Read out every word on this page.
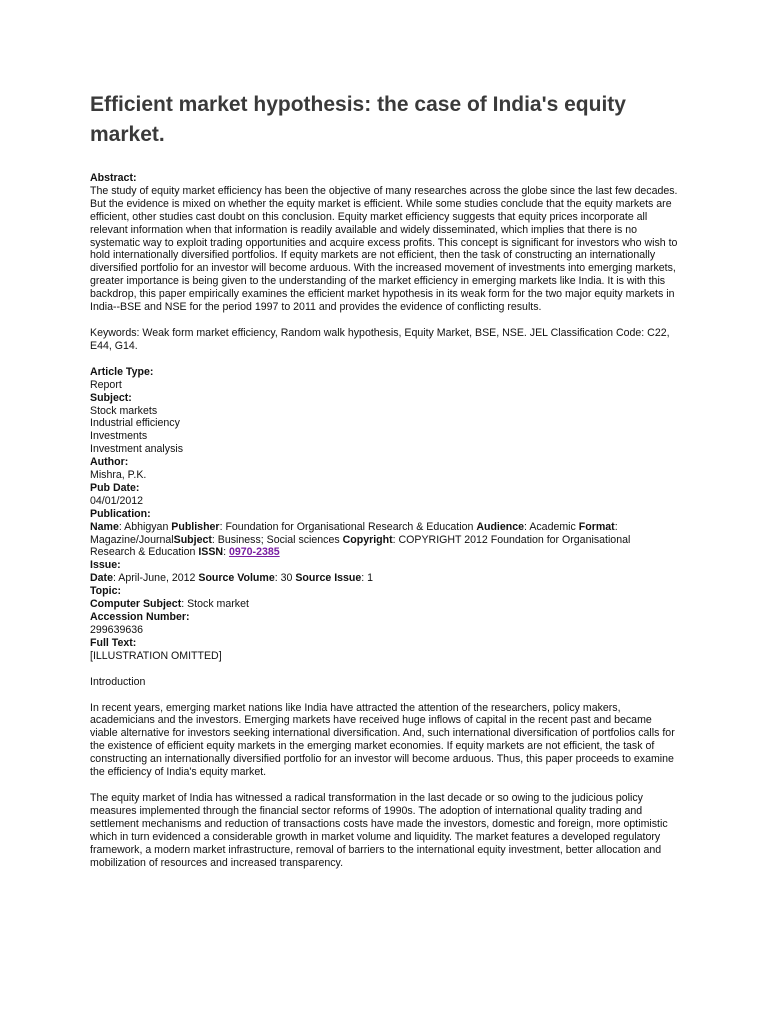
Efficient market hypothesis: the case of India's equity market.
Abstract:

The study of equity market efficiency has been the objective of many researches across the globe since the last few decades. But the evidence is mixed on whether the equity market is efficient. While some studies conclude that the equity markets are efficient, other studies cast doubt on this conclusion. Equity market efficiency suggests that equity prices incorporate all relevant information when that information is readily available and widely disseminated, which implies that there is no systematic way to exploit trading opportunities and acquire excess profits. This concept is significant for investors who wish to hold internationally diversified portfolios. If equity markets are not efficient, then the task of constructing an internationally diversified portfolio for an investor will become arduous. With the increased movement of investments into emerging markets, greater importance is being given to the understanding of the market efficiency in emerging markets like India. It is with this backdrop, this paper empirically examines the efficient market hypothesis in its weak form for the two major equity markets in India--BSE and NSE for the period 1997 to 2011 and provides the evidence of conflicting results.

Keywords: Weak form market efficiency, Random walk hypothesis, Equity Market, BSE, NSE. JEL Classification Code: C22, E44, G14.

Article Type:
Report
Subject:
Stock markets
Industrial efficiency
Investments
Investment analysis
Author:
Mishra, P.K.
Pub Date:
04/01/2012
Publication:
Name: Abhigyan Publisher: Foundation for Organisational Research & Education Audience: Academic Format: Magazine/JournalSubject: Business; Social sciences Copyright: COPYRIGHT 2012 Foundation for Organisational Research & Education ISSN: 0970-2385
Issue:
Date: April-June, 2012 Source Volume: 30 Source Issue: 1
Topic:
Computer Subject: Stock market
Accession Number:
299639636
Full Text:
[ILLUSTRATION OMITTED]

Introduction

In recent years, emerging market nations like India have attracted the attention of the researchers, policy makers, academicians and the investors. Emerging markets have received huge inflows of capital in the recent past and became viable alternative for investors seeking international diversification. And, such international diversification of portfolios calls for the existence of efficient equity markets in the emerging market economies. If equity markets are not efficient, the task of constructing an internationally diversified portfolio for an investor will become arduous. Thus, this paper proceeds to examine the efficiency of India's equity market.

The equity market of India has witnessed a radical transformation in the last decade or so owing to the judicious policy measures implemented through the financial sector reforms of 1990s. The adoption of international quality trading and settlement mechanisms and reduction of transactions costs have made the investors, domestic and foreign, more optimistic which in turn evidenced a considerable growth in market volume and liquidity. The market features a developed regulatory framework, a modern market infrastructure, removal of barriers to the international equity investment, better allocation and mobilization of resources and increased transparency.
